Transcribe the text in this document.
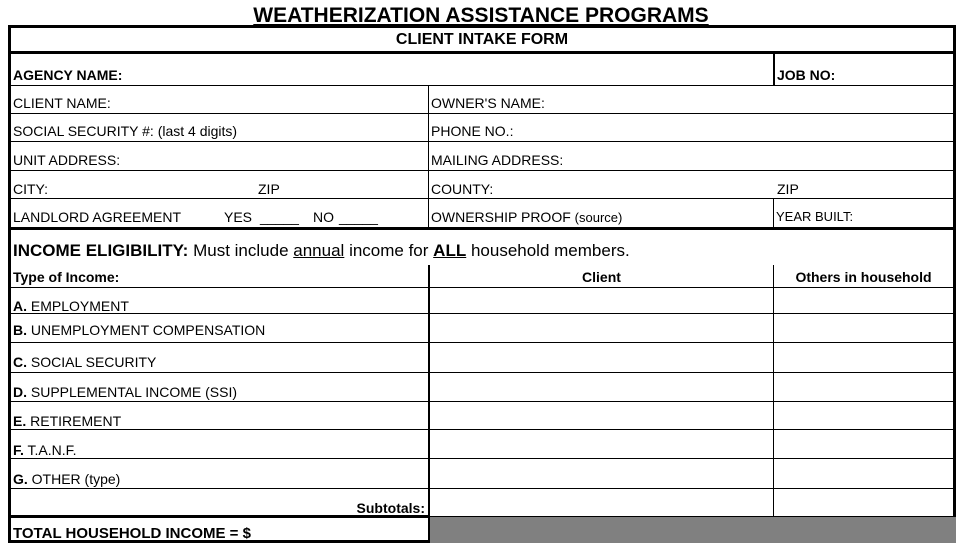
WEATHERIZATION ASSISTANCE PROGRAMS
CLIENT INTAKE FORM
AGENCY NAME:	JOB NO:
CLIENT NAME:	OWNER'S NAME:
SOCIAL SECURITY #: (last 4 digits)	PHONE NO.:
UNIT ADDRESS:	MAILING ADDRESS:
CITY:	ZIP	COUNTY:	ZIP
LANDLORD AGREEMENT	YES _____ NO _____	OWNERSHIP PROOF (source)	YEAR BUILT:
INCOME ELIGIBILITY: Must include annual income for ALL household members.
Type of Income:	Client	Others in household
A. EMPLOYMENT
B. UNEMPLOYMENT COMPENSATION
C. SOCIAL SECURITY
D. SUPPLEMENTAL INCOME (SSI)
E. RETIREMENT
F. T.A.N.F.
G. OTHER (type)
Subtotals:
TOTAL HOUSEHOLD INCOME = $
